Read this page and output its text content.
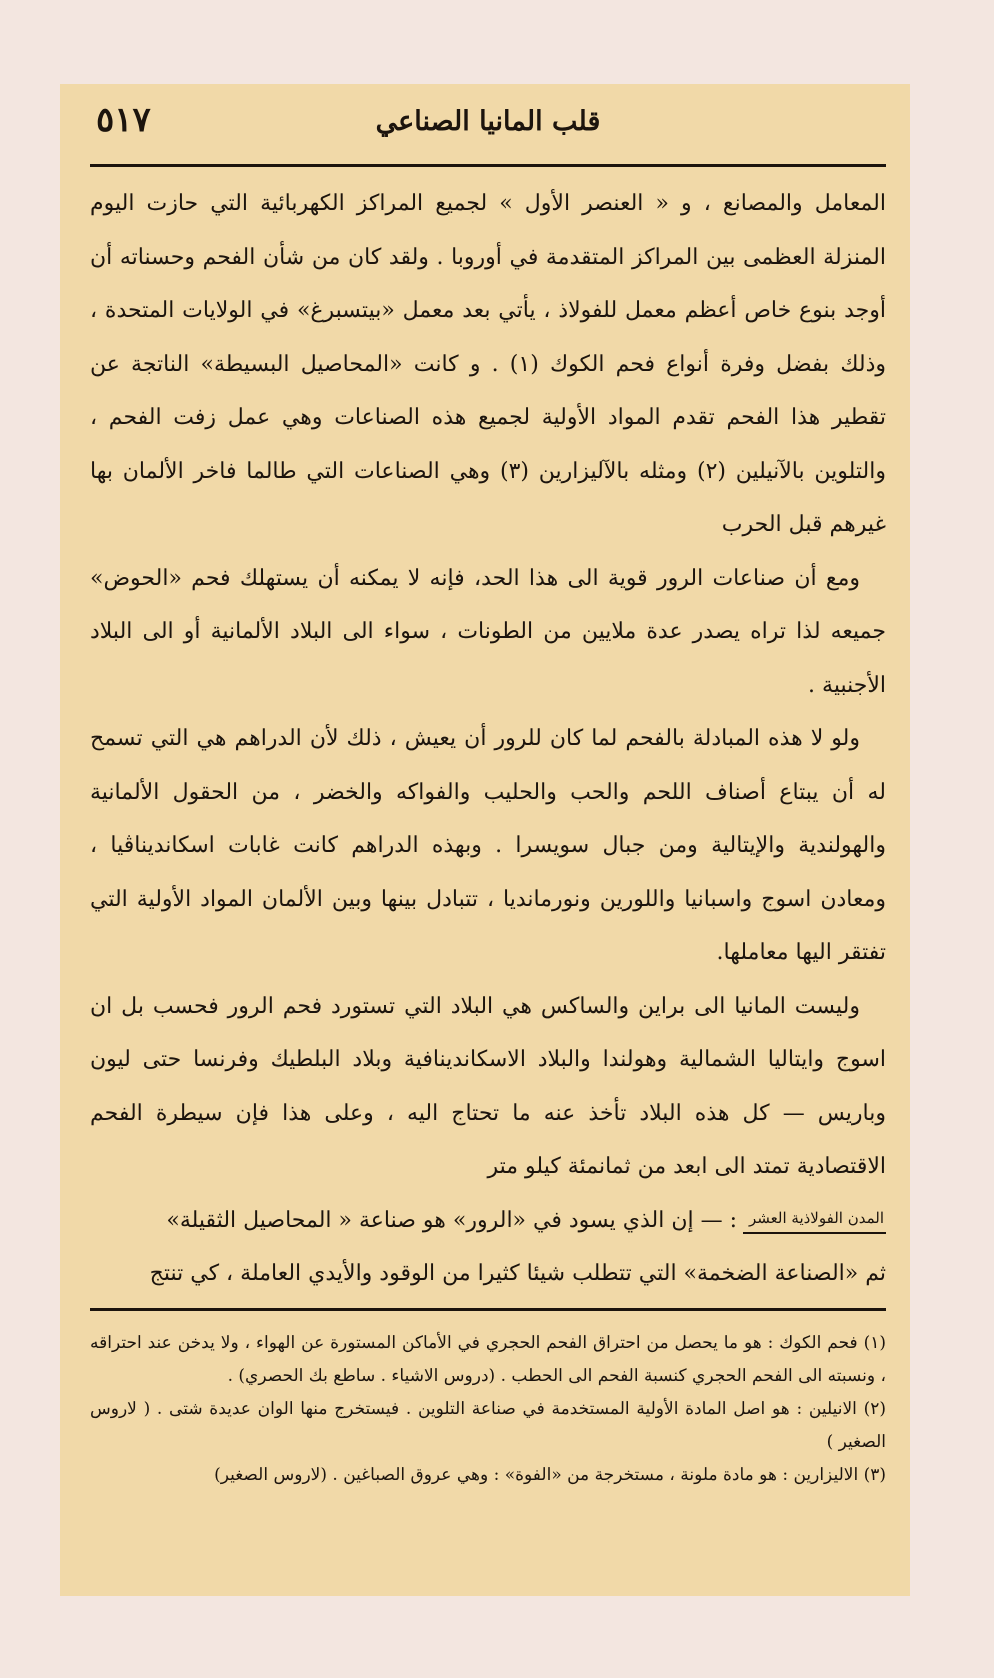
قلب المانيا الصناعي
٥١٧

المعامل والمصانع ، و « العنصر الأول » لجميع المراكز الكهربائية التي حازت اليوم المنزلة العظمى بين المراكز المتقدمة في أوروبا . ولقد كان من شأن الفحم وحسناته أن أوجد بنوع خاص أعظم معمل للفولاذ ، يأتي بعد معمل «بيتسبرغ» في الولايات المتحدة ، وذلك بفضل وفرة أنواع فحم الكوك (١) . و كانت «المحاصيل البسيطة» الناتجة عن تقطير هذا الفحم تقدم المواد الأولية لجميع هذه الصناعات وهي عمل زفت الفحم ، والتلوين بالآنيلين (٢) ومثله بالآليزارين (٣) وهي الصناعات التي طالما فاخر الألمان بها غيرهم قبل الحرب

ومع أن صناعات الرور قوية الى هذا الحد، فإنه لا يمكنه أن يستهلك فحم «الحوض» جميعه لذا تراه يصدر عدة ملايين من الطونات ، سواء الى البلاد الألمانية أو الى البلاد الأجنبية .

ولو لا هذه المبادلة بالفحم لما كان للرور أن يعيش ، ذلك لأن الدراهم هي التي تسمح له أن يبتاع أصناف اللحم والحب والحليب والفواكه والخضر ، من الحقول الألمانية والهولندية والإيتالية ومن جبال سويسرا . وبهذه الدراهم كانت غابات اسكانديناڤيا ، ومعادن اسوج واسبانيا واللورين ونورمانديا ، تتبادل بينها وبين الألمان المواد الأولية التي تفتقر اليها معاملها.

وليست المانيا الى براين والساكس هي البلاد التي تستورد فحم الرور فحسب بل ان اسوج وايتاليا الشمالية وهولندا والبلاد الاسكاندينافية وبلاد البلطيك وفرنسا حتى ليون وباريس — كل هذه البلاد تأخذ عنه ما تحتاج اليه ، وعلى هذا فإن سيطرة الفحم الاقتصادية تمتد الى ابعد من ثمانمئة كيلو متر

المدن الفولاذية العشر: — إن الذي يسود في «الرور» هو صناعة « المحاصيل الثقيلة»

ثم «الصناعة الضخمة» التي تتطلب شيئا كثيرا من الوقود والأيدي العاملة ، كي تنتج

(١) فحم الكوك : هو ما يحصل من احتراق الفحم الحجري في الأماكن المستورة عن الهواء ، ولا يدخن عند احتراقه ، ونسبته الى الفحم الحجري كنسبة الفحم الى الحطب . (دروس الاشياء . ساطع بك الحصري) .

(٢) الانيلين : هو اصل المادة الأولية المستخدمة في صناعة التلوين . فيستخرج منها الوان عديدة شتى . ( لاروس الصغير )

(٣) الاليزارين : هو مادة ملونة ، مستخرجة من «الفوة» : وهي عروق الصباغين . (لاروس الصغير)
